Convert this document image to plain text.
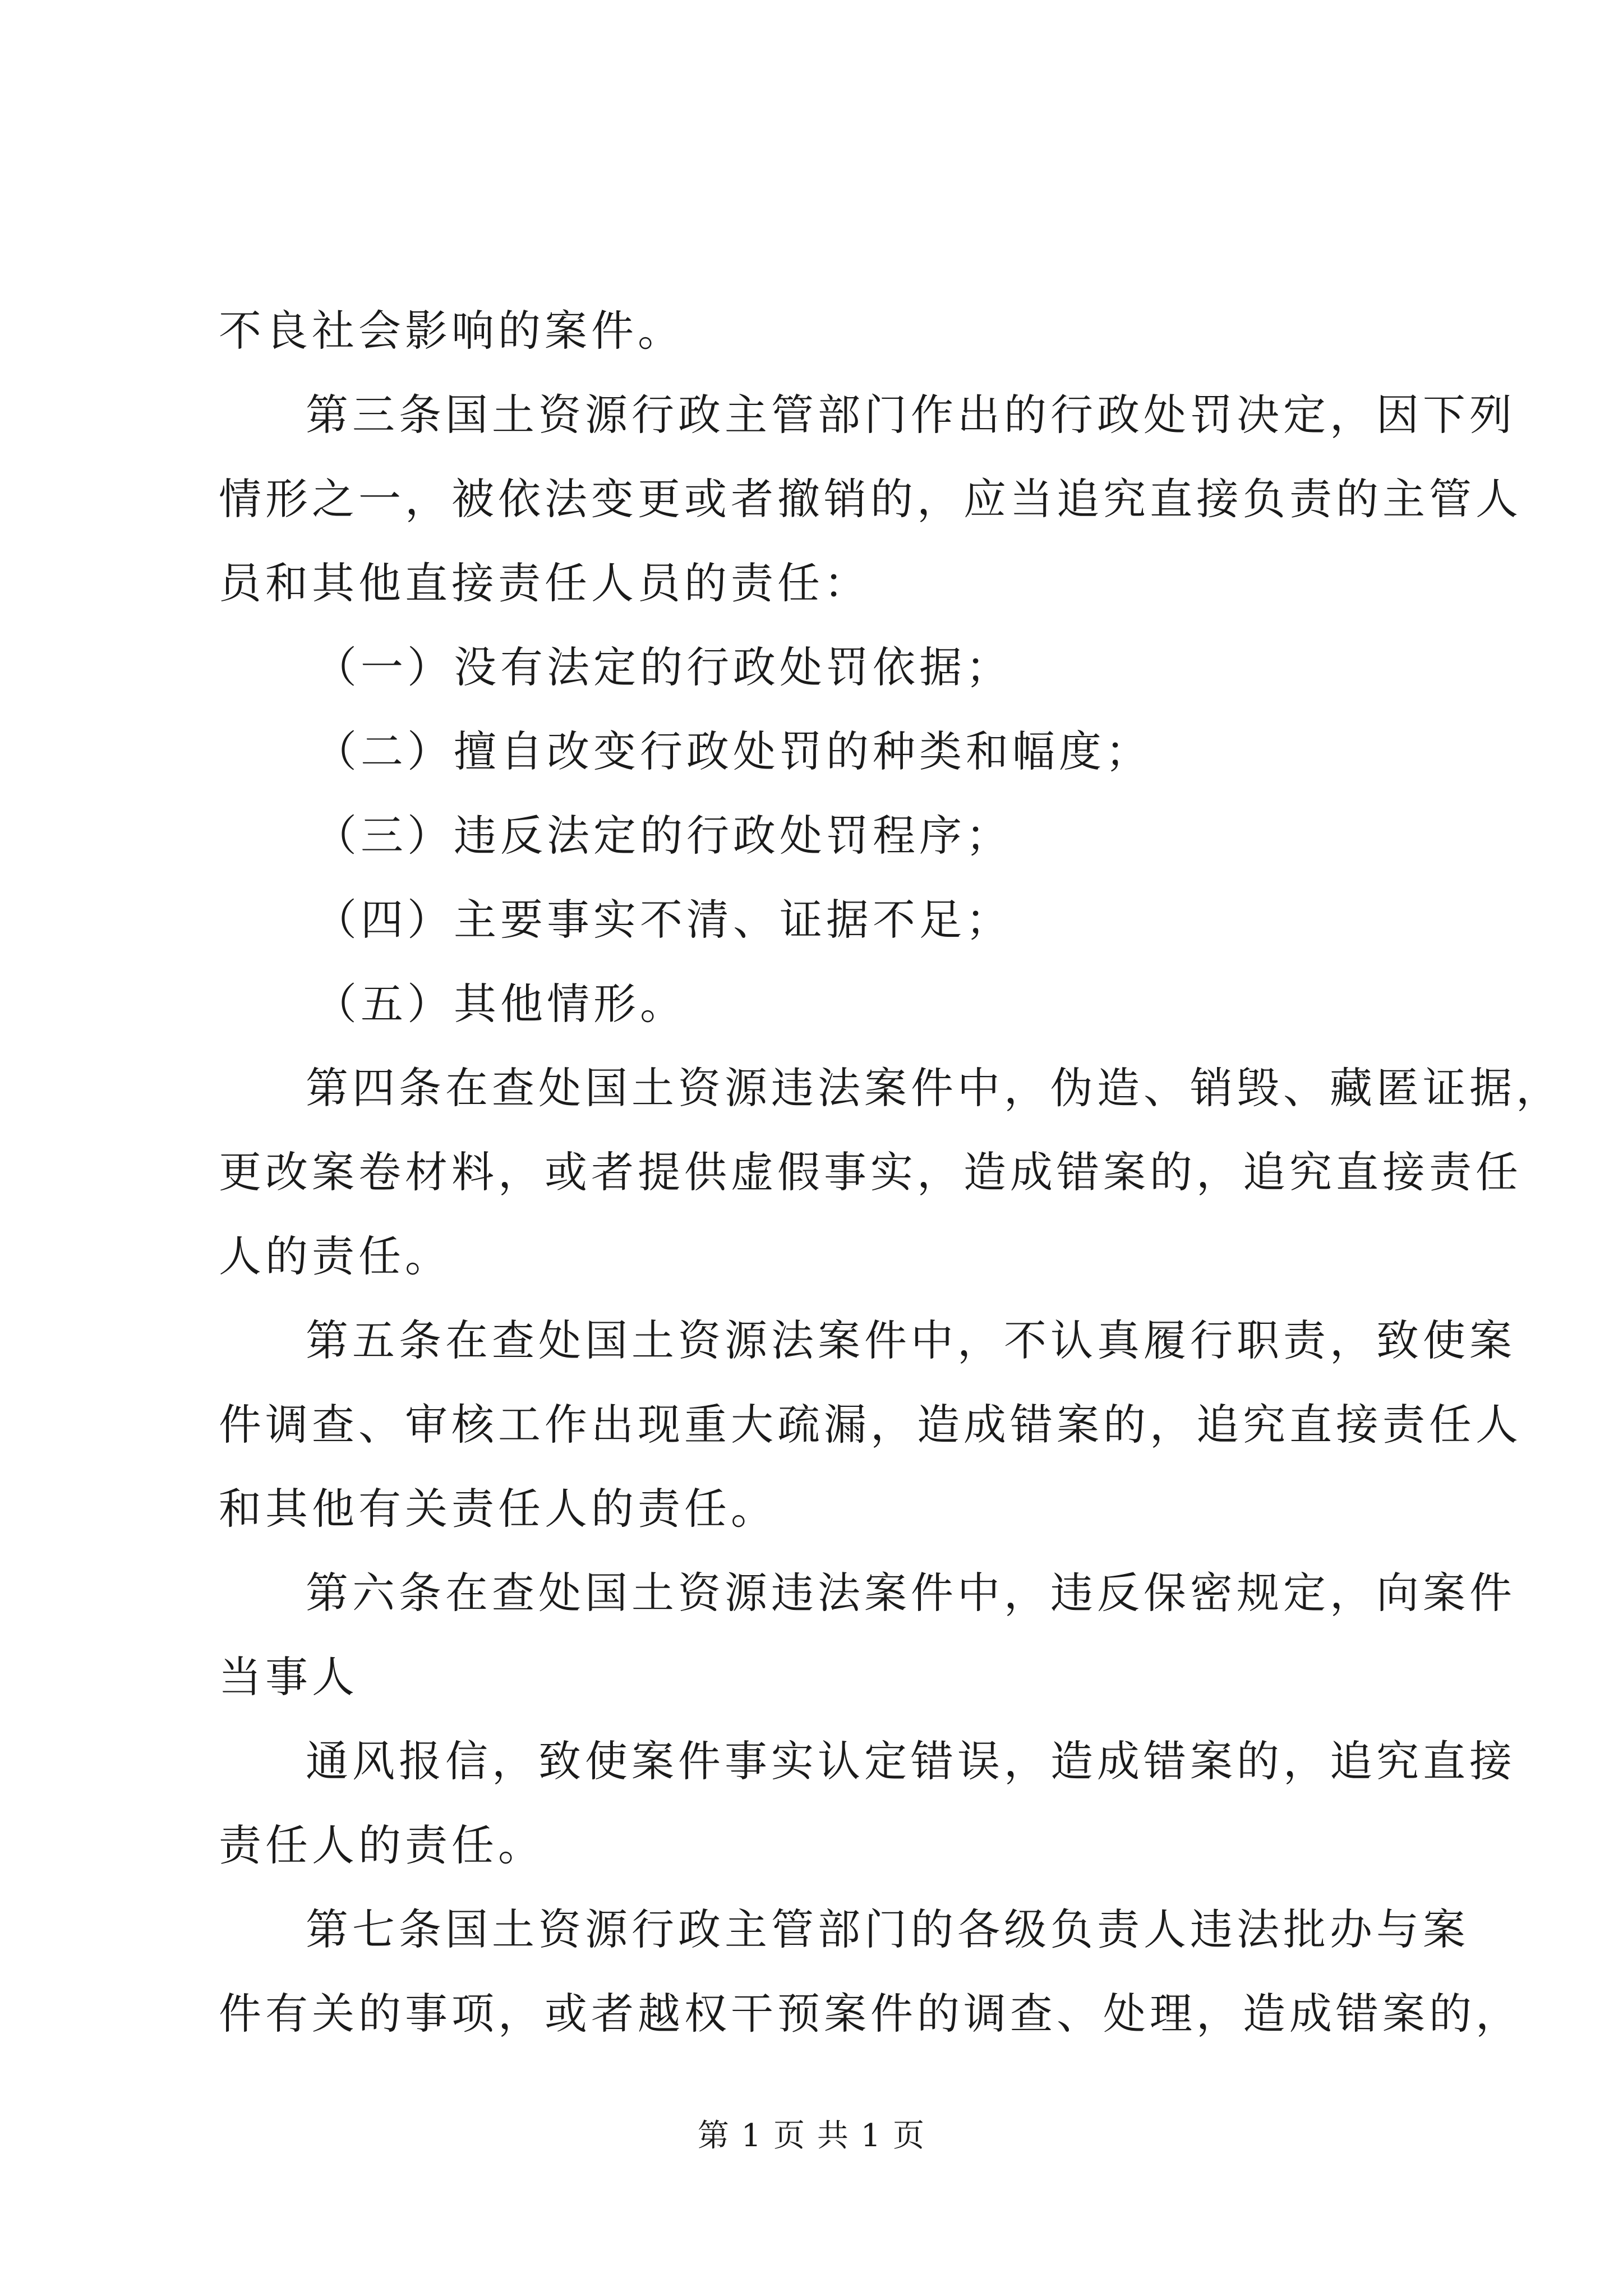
不良社会影响的案件。
第三条国土资源行政主管部门作出的行政处罚决定，因下列
情形之一，被依法变更或者撤销的，应当追究直接负责的主管人
员和其他直接责任人员的责任：
（一）没有法定的行政处罚依据；
（二）擅自改变行政处罚的种类和幅度；
（三）违反法定的行政处罚程序；
（四）主要事实不清、证据不足；
（五）其他情形。
第四条在查处国土资源违法案件中，伪造、销毁、藏匿证据，
更改案卷材料，或者提供虚假事实，造成错案的，追究直接责任
人的责任。
第五条在查处国土资源法案件中，不认真履行职责，致使案
件调查、审核工作出现重大疏漏，造成错案的，追究直接责任人
和其他有关责任人的责任。
第六条在查处国土资源违法案件中，违反保密规定，向案件
当事人
通风报信，致使案件事实认定错误，造成错案的，追究直接
责任人的责任。
第七条国土资源行政主管部门的各级负责人违法批办与案
件有关的事项，或者越权干预案件的调查、处理，造成错案的，
第 1 页 共 1 页
